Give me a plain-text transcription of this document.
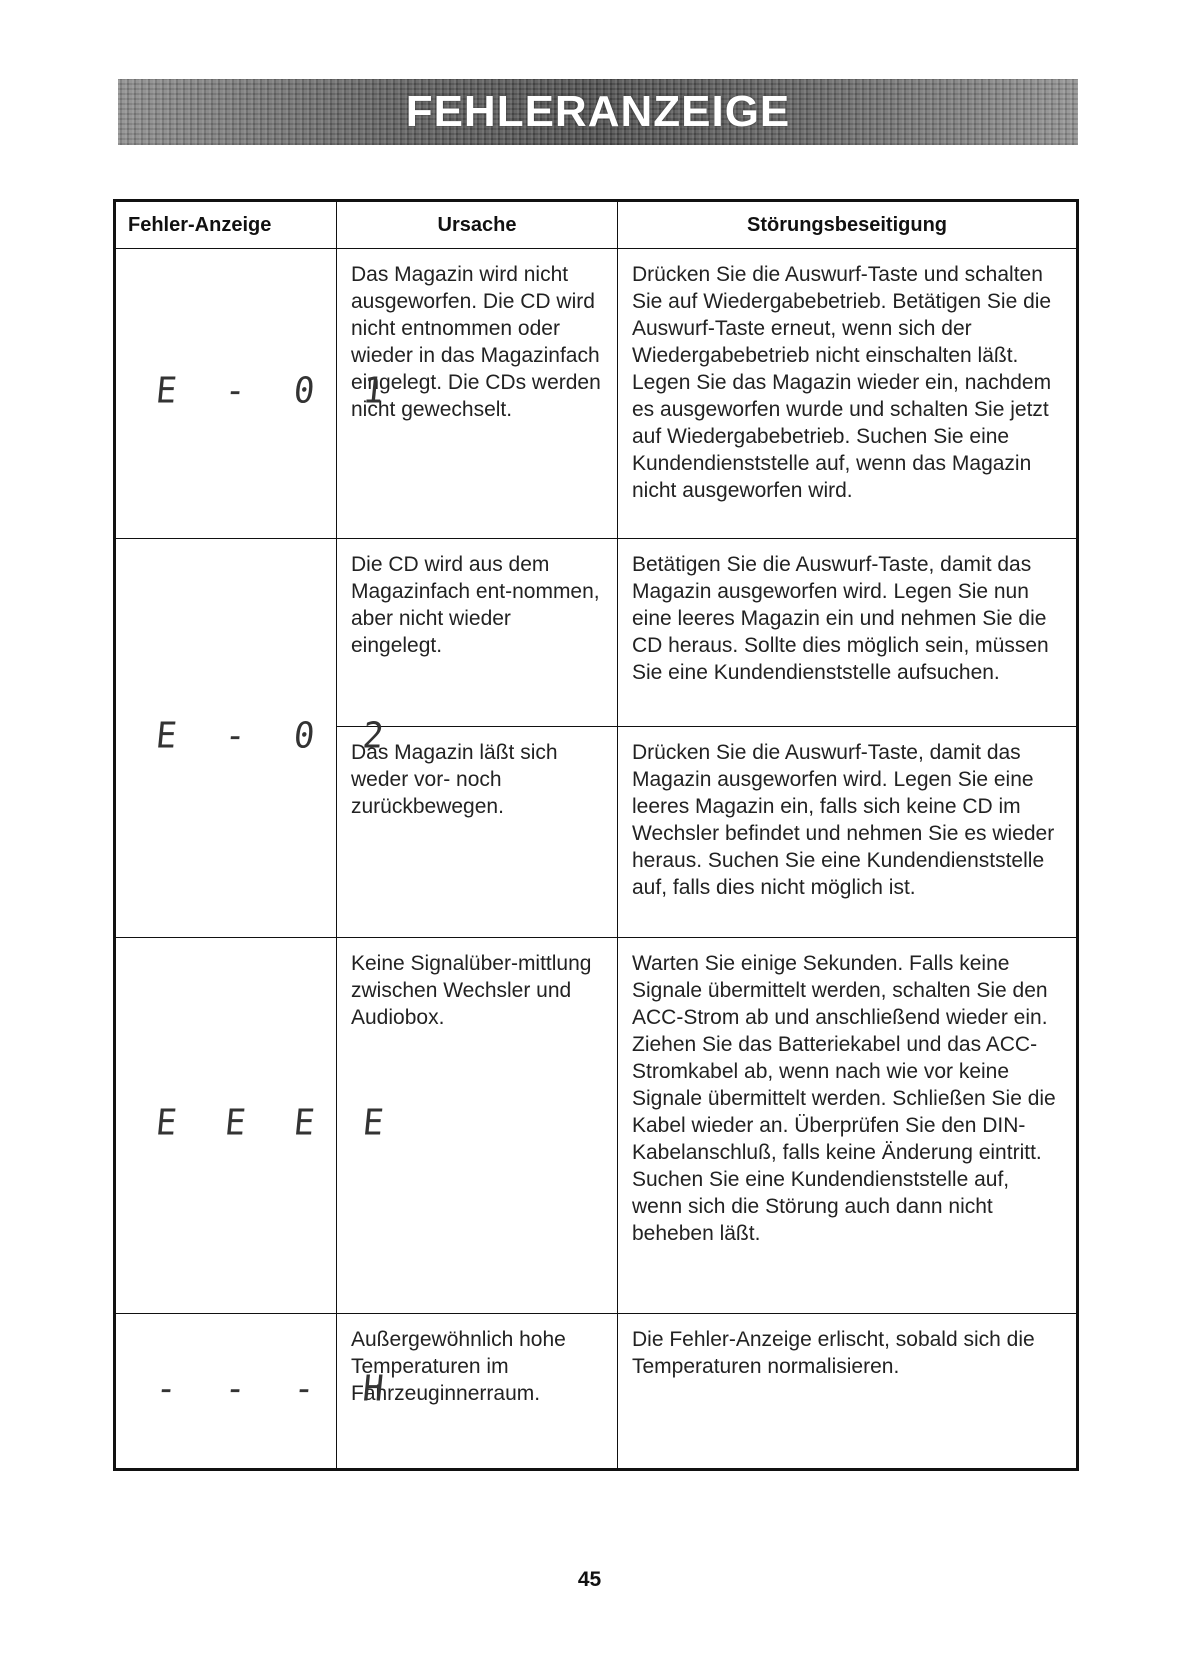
FEHLERANZEIGE
Fehler-Anzeige	Ursache	Störungsbeseitigung
E - 0 1	Das Magazin wird nicht ausgeworfen. Die CD wird nicht entnommen oder wieder in das Magazinfach eingelegt. Die CDs werden nicht gewechselt.	Drücken Sie die Auswurf-Taste und schalten Sie auf Wiedergabebetrieb. Betätigen Sie die Auswurf-Taste erneut, wenn sich der Wiedergabebetrieb nicht einschalten läßt. Legen Sie das Magazin wieder ein, nachdem es ausgeworfen wurde und schalten Sie jetzt auf Wiedergabebetrieb. Suchen Sie eine Kundendienststelle auf, wenn das Magazin nicht ausgeworfen wird.
E - 0 2	Die CD wird aus dem Magazinfach ent-nommen, aber nicht wieder eingelegt.	Betätigen Sie die Auswurf-Taste, damit das Magazin ausgeworfen wird. Legen Sie nun eine leeres Magazin ein und nehmen Sie die CD heraus. Sollte dies möglich sein, müssen Sie eine Kundendienststelle aufsuchen.
	Das Magazin läßt sich weder vor- noch zurückbewegen.	Drücken Sie die Auswurf-Taste, damit das Magazin ausgeworfen wird. Legen Sie eine leeres Magazin ein, falls sich keine CD im Wechsler befindet und nehmen Sie es wieder heraus. Suchen Sie eine Kundendienststelle auf, falls dies nicht möglich ist.
E E E E	Keine Signalüber-mittlung zwischen Wechsler und Audiobox.	Warten Sie einige Sekunden. Falls keine Signale übermittelt werden, schalten Sie den ACC-Strom ab und anschließend wieder ein. Ziehen Sie das Batteriekabel und das ACC-Stromkabel ab, wenn nach wie vor keine Signale übermittelt werden. Schließen Sie die Kabel wieder an. Überprüfen Sie den DIN-Kabelanschluß, falls keine Änderung eintritt. Suchen Sie eine Kundendienststelle auf, wenn sich die Störung auch dann nicht beheben läßt.
- - - H	Außergewöhnlich hohe Temperaturen im Fahrzeuginnerraum.	Die Fehler-Anzeige erlischt, sobald sich die Temperaturen normalisieren.
45
